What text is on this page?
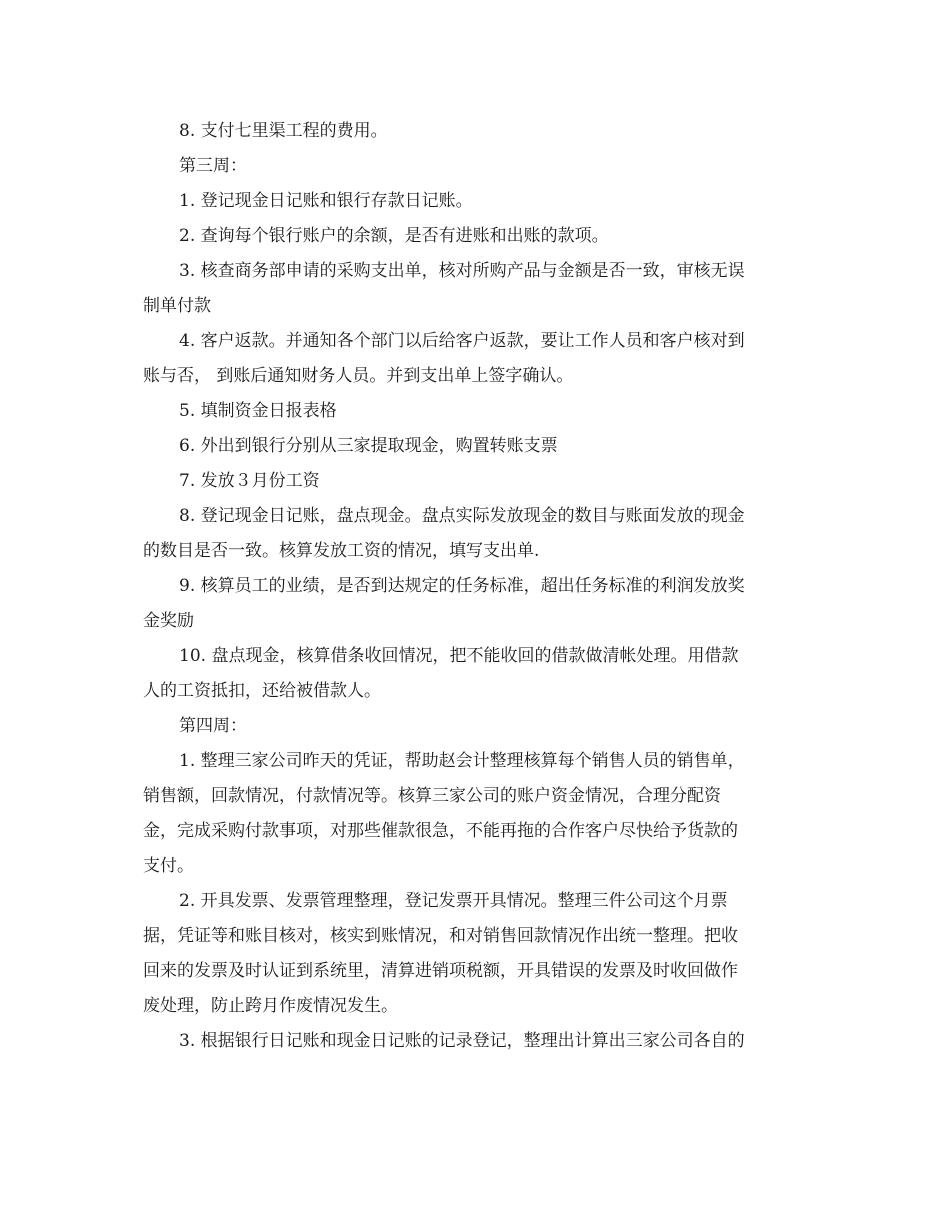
8. 支付七里渠工程的费用。
第三周：
1. 登记现金日记账和银行存款日记账。
2. 查询每个银行账户的余额，是否有进账和出账的款项。
3. 核查商务部申请的采购支出单，核对所购产品与金额是否一致，审核无误
制单付款
4. 客户返款。并通知各个部门以后给客户返款，要让工作人员和客户核对到
账与否， 到账后通知财务人员。并到支出单上签字确认。
5. 填制资金日报表格
6. 外出到银行分别从三家提取现金，购置转账支票
7. 发放３月份工资
8. 登记现金日记账，盘点现金。盘点实际发放现金的数目与账面发放的现金
的数目是否一致。核算发放工资的情况，填写支出单.
9. 核算员工的业绩，是否到达规定的任务标准，超出任务标准的利润发放奖
金奖励
10. 盘点现金，核算借条收回情况，把不能收回的借款做清帐处理。用借款
人的工资抵扣，还给被借款人。
第四周：
1. 整理三家公司昨天的凭证，帮助赵会计整理核算每个销售人员的销售单，
销售额，回款情况，付款情况等。核算三家公司的账户资金情况，合理分配资
金，完成采购付款事项，对那些催款很急，不能再拖的合作客户尽快给予货款的
支付。
2. 开具发票、发票管理整理，登记发票开具情况。整理三件公司这个月票
据，凭证等和账目核对，核实到账情况，和对销售回款情况作出统一整理。把收
回来的发票及时认证到系统里，清算进销项税额，开具错误的发票及时收回做作
废处理，防止跨月作废情况发生。
3. 根据银行日记账和现金日记账的记录登记，整理出计算出三家公司各自的
